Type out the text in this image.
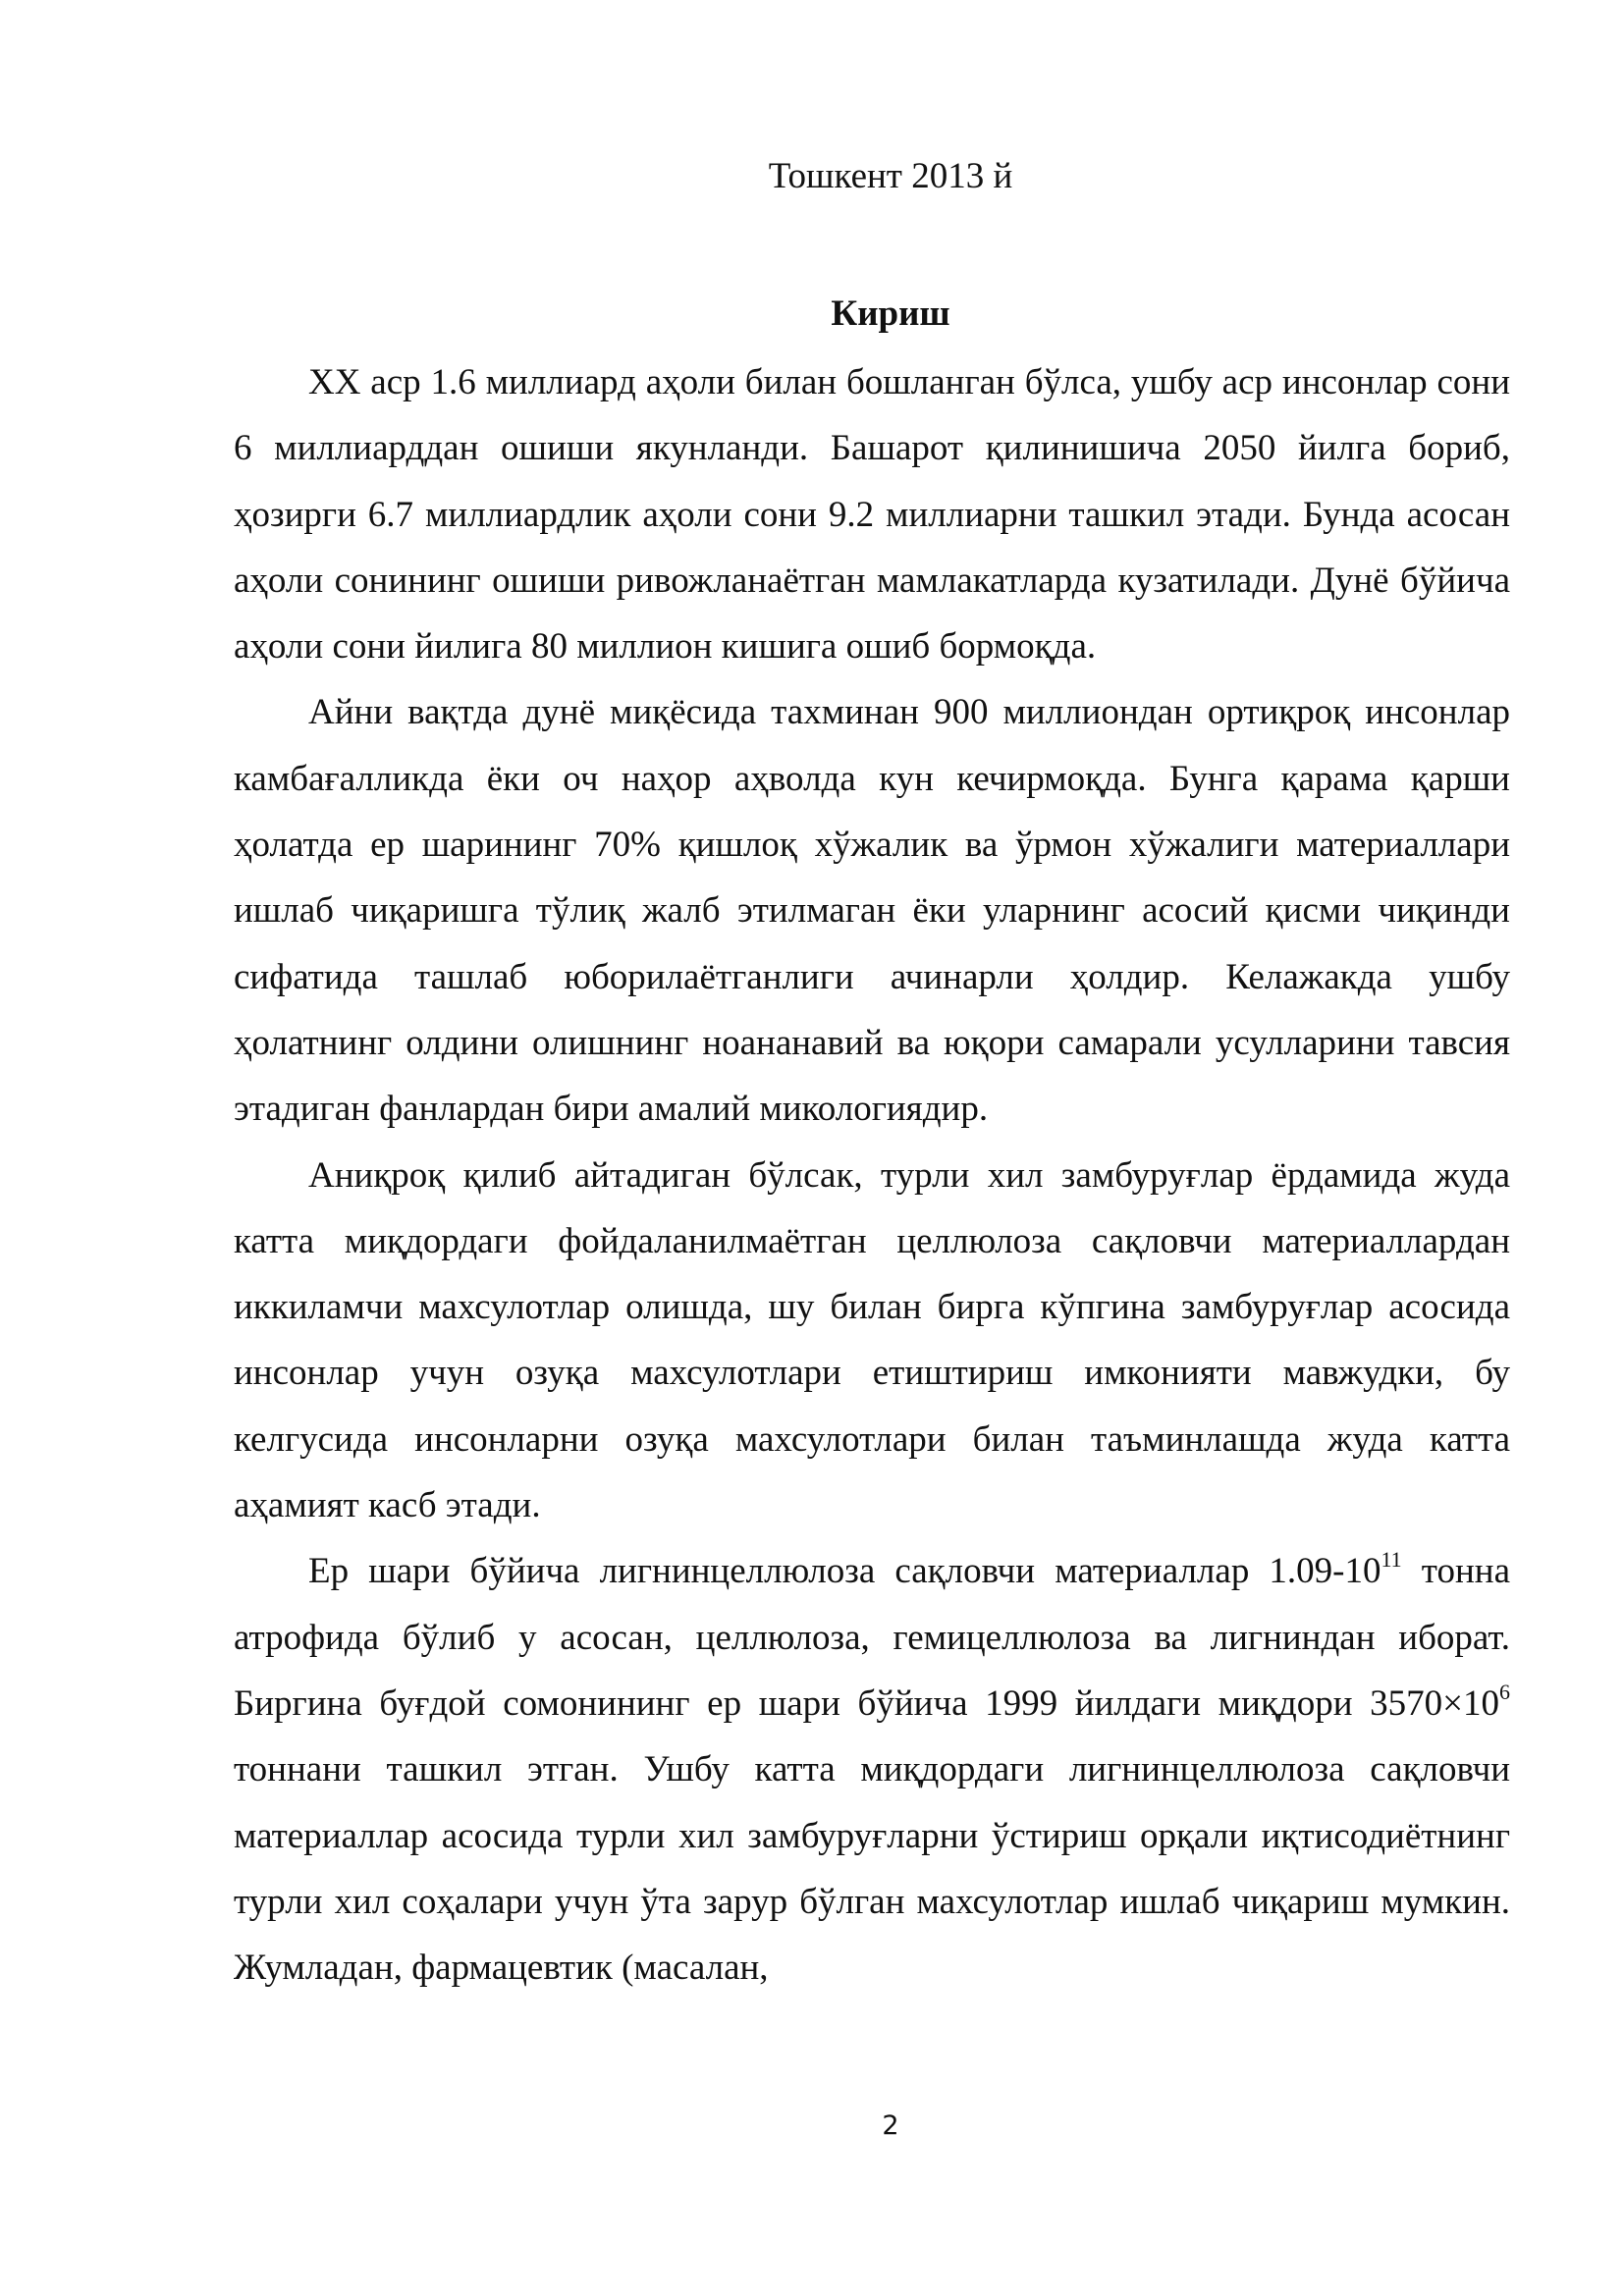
Тошкент 2013 й
Кириш

XX аср 1.6 миллиард аҳоли билан бошланган бўлса, ушбу аср инсонлар сони 6 миллиарддан ошиши якунланди. Башарот қилинишича 2050 йилга бориб, ҳозирги 6.7 миллиардлик аҳоли сони 9.2 миллиарни ташкил этади. Бунда асосан аҳоли сонининг ошиши ривожланаётган мамлакатларда кузатилади. Дунё бўйича аҳоли сони йилига 80 миллион кишига ошиб бормоқда.

Айни вақтда дунё миқёсида тахминан 900 миллиондан ортиқроқ инсонлар камбағалликда ёки оч наҳор аҳволда кун кечирмоқда. Бунга қарама қарши ҳолатда ер шарининг 70% қишлоқ хўжалик ва ўрмон хўжалиги материаллари ишлаб чиқаришга тўлиқ жалб этилмаган ёки уларнинг асосий қисми чиқинди сифатида ташлаб юборилаётганлиги ачинарли ҳолдир. Келажакда ушбу ҳолатнинг олдини олишнинг ноананавий ва юқори самарали усулларини тавсия этадиган фанлардан бири амалий микологиядир.

Аниқроқ қилиб айтадиган бўлсак, турли хил замбуруғлар ёрдамида жуда катта миқдордаги фойдаланилмаётган целлюлоза сақловчи материаллардан иккиламчи махсулотлар олишда, шу билан бирга кўпгина замбуруғлар асосида инсонлар учун озуқа махсулотлари етиштириш имконияти мавжудки, бу келгусида инсонларни озуқа махсулотлари билан таъминлашда жуда катта аҳамият касб этади.

Ер шари бўйича лигнинцеллюлоза сақловчи материаллар $1.09-10^{11}$ тонна атрофида бўлиб у асосан, целлюлоза, гемицеллюлоза ва лигниндан иборат. Биргина буғдой сомонининг ер шари бўйича 1999 йилдаги миқдори $3570\times 10^6$ тоннани ташкил этган. Ушбу катта миқдордаги лигнинцеллюлоза сақловчи материаллар асосида турли хил замбуруғларни ўстириш орқали иқтисодиётнинг турли хил соҳалари учун ўта зарур бўлган махсулотлар ишлаб чиқариш мумкин. Жумладан, фармацевтик (масалан,

2
